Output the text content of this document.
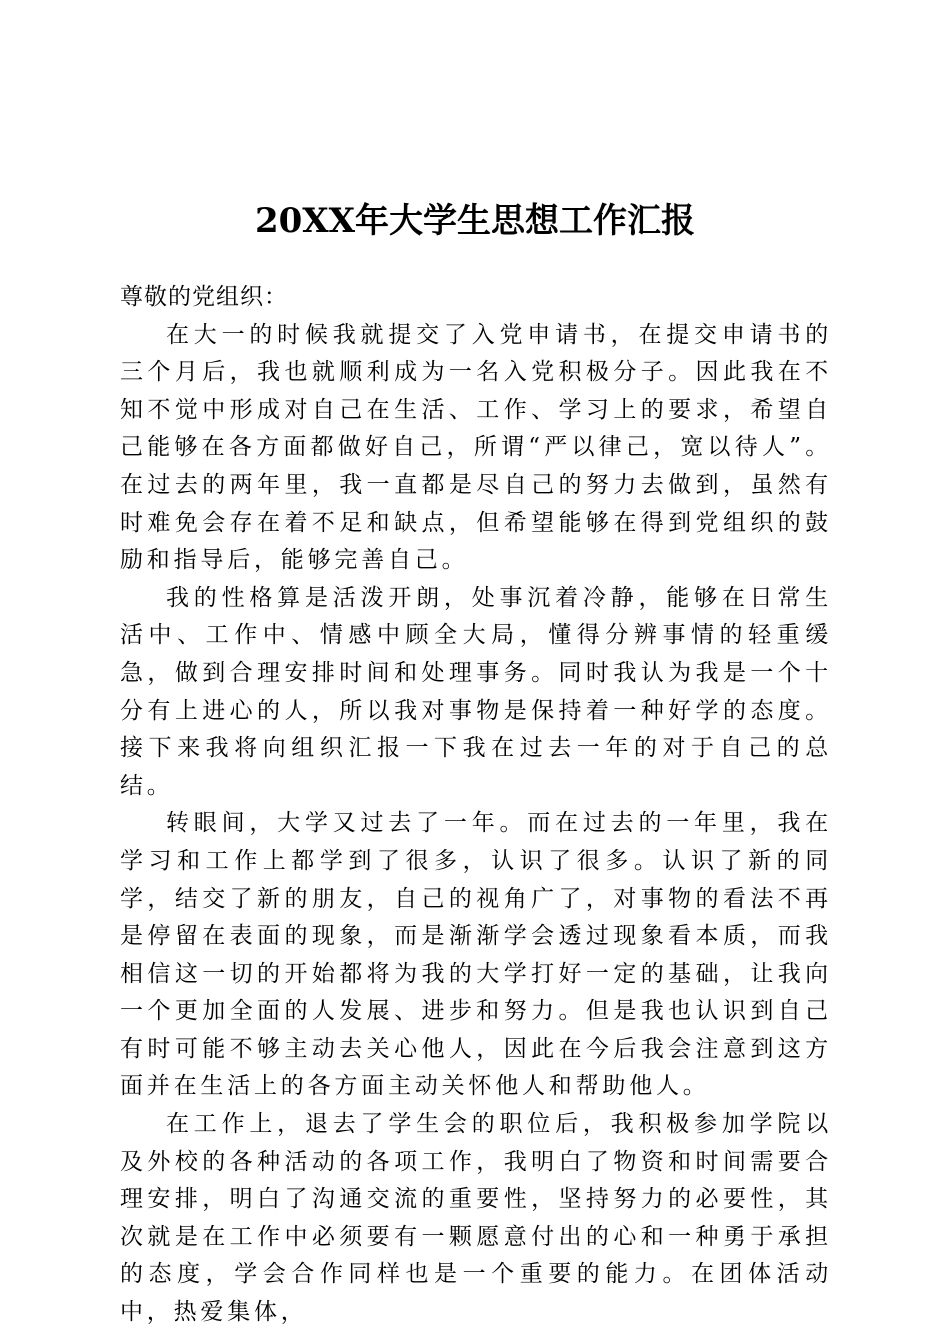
20XX年大学生思想工作汇报

尊敬的党组织：

在大一的时候我就提交了入党申请书，在提交申请书的三个月后，我也就顺利成为一名入党积极分子。因此我在不知不觉中形成对自己在生活、工作、学习上的要求，希望自己能够在各方面都做好自己，所谓“严以律己，宽以待人”。在过去的两年里，我一直都是尽自己的努力去做到，虽然有时难免会存在着不足和缺点，但希望能够在得到党组织的鼓励和指导后，能够完善自己。

我的性格算是活泼开朗，处事沉着冷静，能够在日常生活中、工作中、情感中顾全大局，懂得分辨事情的轻重缓急，做到合理安排时间和处理事务。同时我认为我是一个十分有上进心的人，所以我对事物是保持着一种好学的态度。接下来我将向组织汇报一下我在过去一年的对于自己的总结。

转眼间，大学又过去了一年。而在过去的一年里，我在学习和工作上都学到了很多，认识了很多。认识了新的同学，结交了新的朋友，自己的视角广了，对事物的看法不再是停留在表面的现象，而是渐渐学会透过现象看本质，而我相信这一切的开始都将为我的大学打好一定的基础，让我向一个更加全面的人发展、进步和努力。但是我也认识到自己有时可能不够主动去关心他人，因此在今后我会注意到这方面并在生活上的各方面主动关怀他人和帮助他人。

在工作上，退去了学生会的职位后，我积极参加学院以及外校的各种活动的各项工作，我明白了物资和时间需要合理安排，明白了沟通交流的重要性，坚持努力的必要性，其次就是在工作中必须要有一颗愿意付出的心和一种勇于承担的态度，学会合作同样也是一个重要的能力。在团体活动中，热爱集体，
